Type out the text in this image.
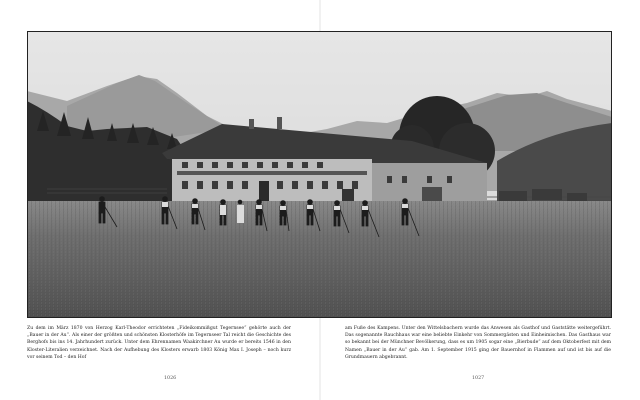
Zu dem im März 1870 von Herzog Karl-Theodor errichteten „Fideikommißgut Tegernsee“ gehörte auch der „Bauer in der Au“. Als einer der größten und schönsten Klosterhöfe im Tegernseer Tal reicht die Geschichte des Berghofs bis ins 14. Jahrhundert zurück. Unter dem Ehrennamen Waakirchner Au wurde er bereits 1546 in den Kloster-Literalien verzeichnet. Nach der Aufhebung des Klosters erwarb 1803 König Max I. Joseph – noch kurz vor seinem Tod – den Hof
am Fuße des Kampens. Unter den Wittelsbachern wurde das Anwesen als Gasthof und Gaststätte weitergeführt. Das sogenannte Rauchhaus war eine beliebte Einkehr von Sommergästen und Einheimischen. Das Gasthaus war so bekannt bei der Münchner Bevölkerung, dass es um 1905 sogar eine „Bierbude“ auf dem Oktoberfest mit dem Namen „Bauer in der Au“ gab. Am 1. September 1915 ging der Bauernhof in Flammen auf und ist bis auf die Grundmauern abgebrannt.
1026	1027
